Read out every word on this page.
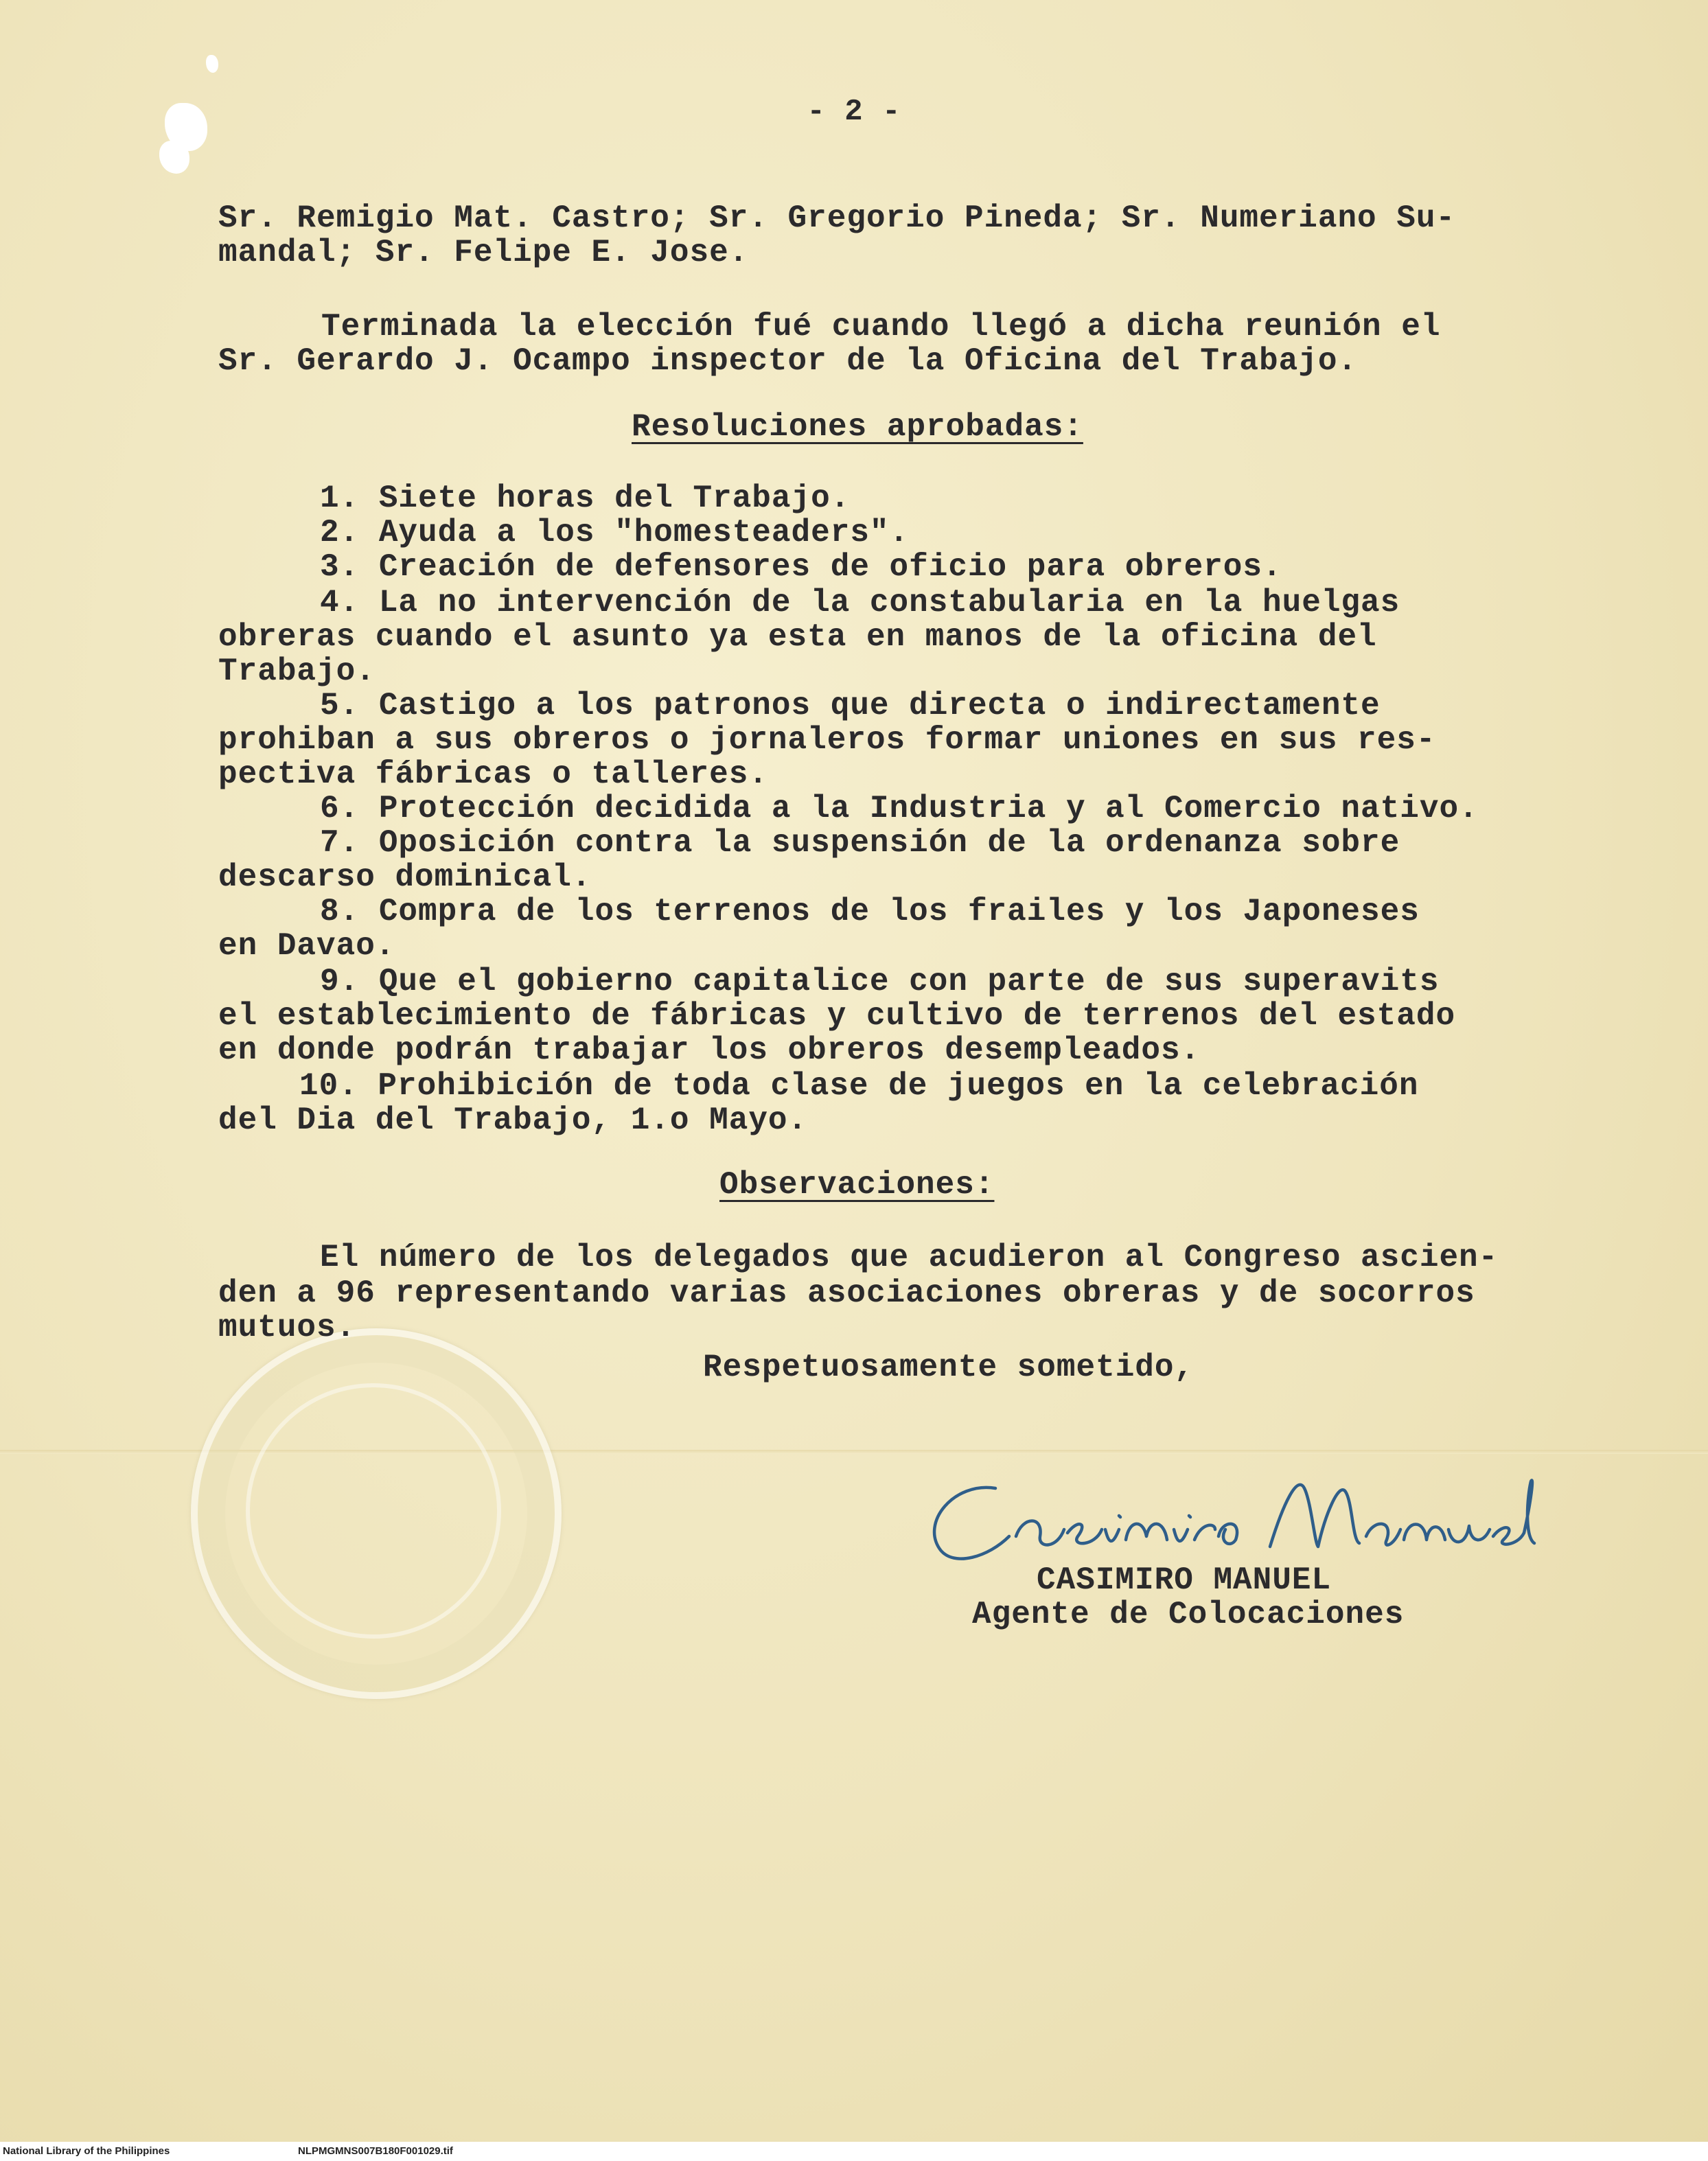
- 2 -
Sr. Remigio Mat. Castro; Sr. Gregorio Pineda; Sr. Numeriano Su-
mandal; Sr. Felipe E. Jose.
Terminada la elección fué cuando llegó a dicha reunión el
Sr. Gerardo J. Ocampo inspector de la Oficina del Trabajo.
Resoluciones aprobadas:
1. Siete horas del Trabajo.
2. Ayuda a los "homesteaders".
3. Creación de defensores de oficio para obreros.
4. La no intervención de la constabularia en la huelgas
obreras cuando el asunto ya esta en manos de la oficina del
Trabajo.
5. Castigo a los patronos que directa o indirectamente
prohiban a sus obreros o jornaleros formar uniones en sus res-
pectiva fábricas o talleres.
6. Protección decidida a la Industria y al Comercio nativo.
7. Oposición contra la suspensión de la ordenanza sobre
descarso dominical.
8. Compra de los terrenos de los frailes y los Japoneses
en Davao.
9. Que el gobierno capitalice con parte de sus superavits
el establecimiento de fábricas y cultivo de terrenos del estado
en donde podrán trabajar los obreros desempleados.
10. Prohibición de toda clase de juegos en la celebración
del Dia del Trabajo, 1.o Mayo.
Observaciones:
El número de los delegados que acudieron al Congreso ascien-
den a 96 representando varias asociaciones obreras y de socorros
mutuos.
Respetuosamente sometido,
CASIMIRO MANUEL
Agente de Colocaciones
National Library of the Philippines	NLPMGMNS007B180F001029.tif
